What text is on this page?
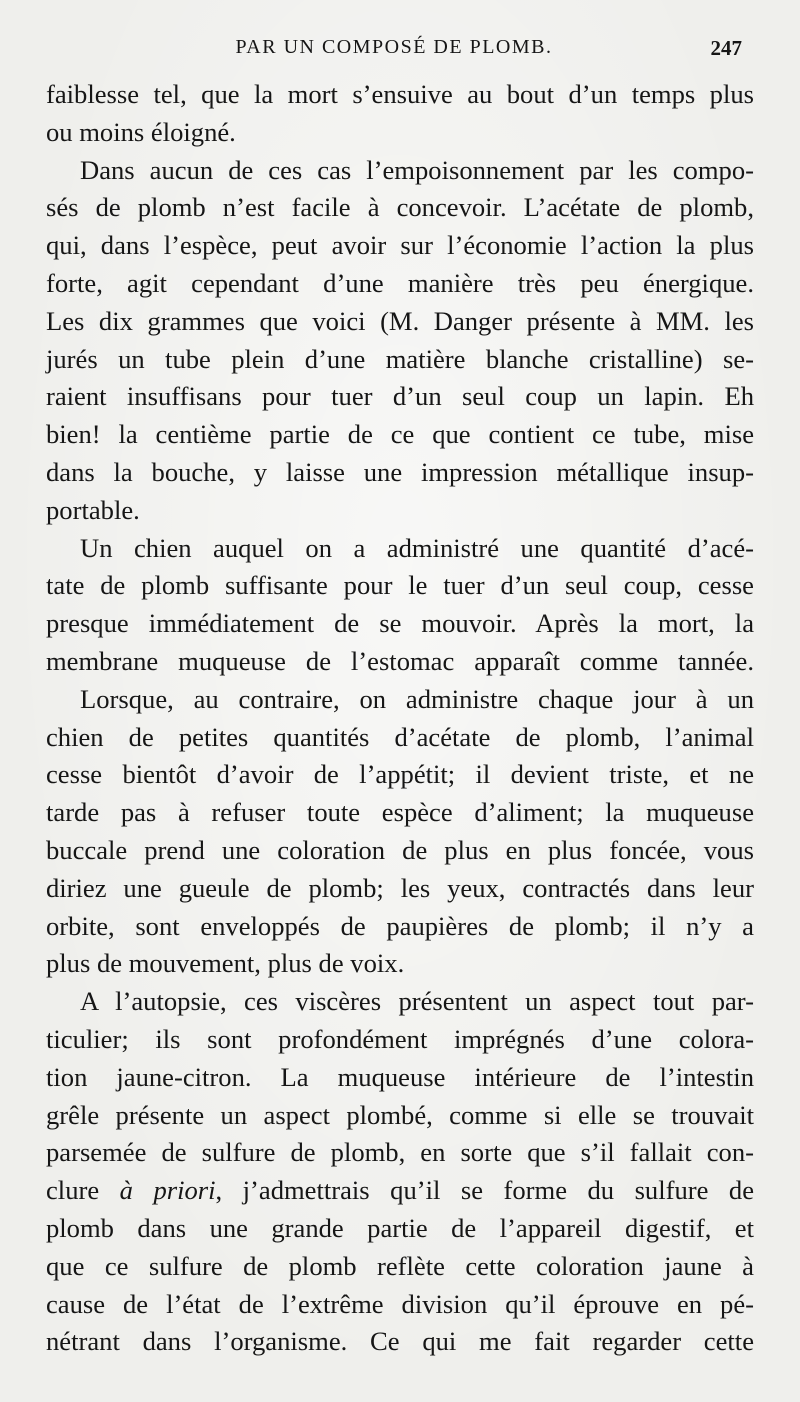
PAR UN COMPOSÉ DE PLOMB.	247
faiblesse tel, que la mort s’ensuive au bout d’un temps plus
ou moins éloigné.
Dans aucun de ces cas l’empoisonnement par les compo-
sés de plomb n’est facile à concevoir. L’acétate de plomb,
qui, dans l’espèce, peut avoir sur l’économie l’action la plus
forte, agit cependant d’une manière très peu énergique.
Les dix grammes que voici (M. Danger présente à MM. les
jurés un tube plein d’une matière blanche cristalline) se-
raient insuffisans pour tuer d’un seul coup un lapin. Eh
bien! la centième partie de ce que contient ce tube, mise
dans la bouche, y laisse une impression métallique insup-
portable.
Un chien auquel on a administré une quantité d’acé-
tate de plomb suffisante pour le tuer d’un seul coup, cesse
presque immédiatement de se mouvoir. Après la mort, la
membrane muqueuse de l’estomac apparaît comme tannée.
Lorsque, au contraire, on administre chaque jour à un
chien de petites quantités d’acétate de plomb, l’animal
cesse bientôt d’avoir de l’appétit; il devient triste, et ne
tarde pas à refuser toute espèce d’aliment; la muqueuse
buccale prend une coloration de plus en plus foncée, vous
diriez une gueule de plomb; les yeux, contractés dans leur
orbite, sont enveloppés de paupières de plomb; il n’y a
plus de mouvement, plus de voix.
A l’autopsie, ces viscères présentent un aspect tout par-
ticulier; ils sont profondément imprégnés d’une colora-
tion jaune-citron. La muqueuse intérieure de l’intestin
grêle présente un aspect plombé, comme si elle se trouvait
parsemée de sulfure de plomb, en sorte que s’il fallait con-
clure à priori, j’admettrais qu’il se forme du sulfure de
plomb dans une grande partie de l’appareil digestif, et
que ce sulfure de plomb reflète cette coloration jaune à
cause de l’état de l’extrême division qu’il éprouve en pé-
nétrant dans l’organisme. Ce qui me fait regarder cette
